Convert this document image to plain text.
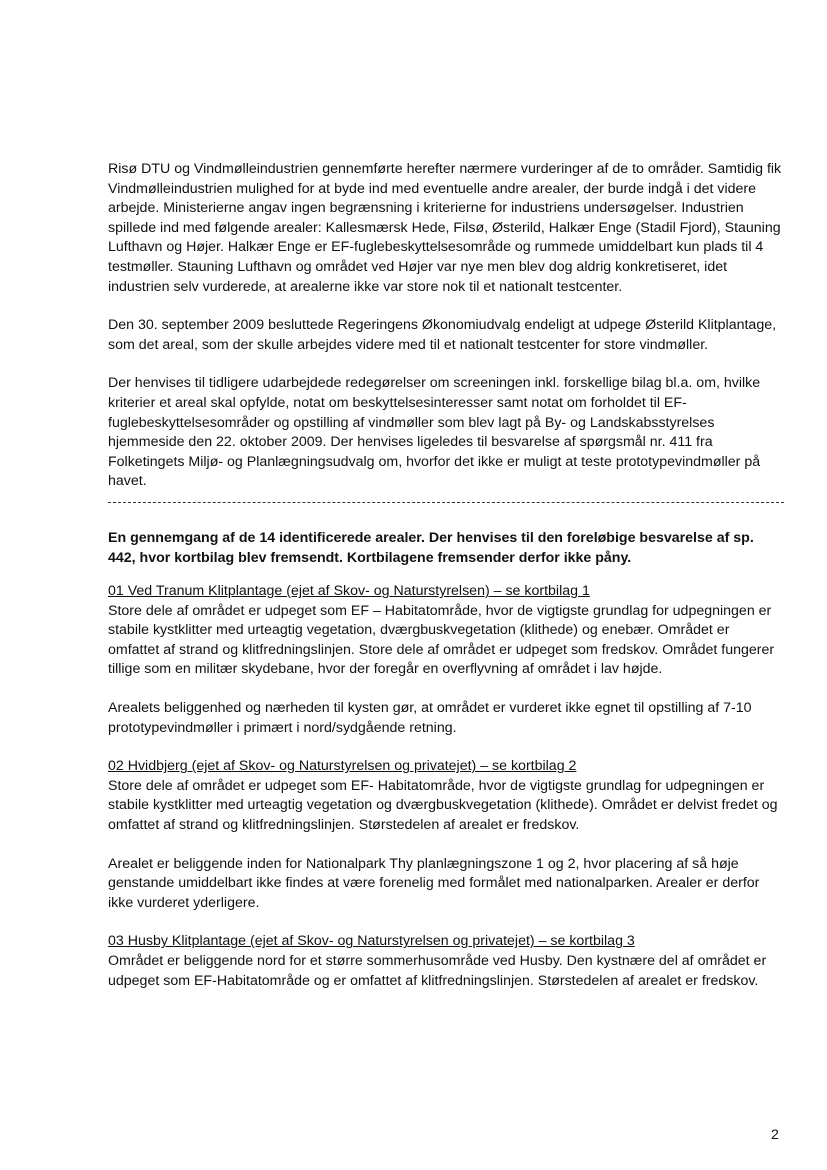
Risø DTU og Vindmølleindustrien gennemførte herefter nærmere vurderinger af de to områder. Samtidig fik Vindmølleindustrien mulighed for at byde ind med eventuelle andre arealer, der burde indgå i det videre arbejde. Ministerierne angav ingen begrænsning i kriterierne for industriens undersøgelser. Industrien spillede ind med følgende arealer: Kallesmærsk Hede, Filsø, Østerild, Halkær Enge (Stadil Fjord), Stauning Lufthavn og Højer. Halkær Enge er EF-fuglebeskyttelsesområde og rummede umiddelbart kun plads til 4 testmøller. Stauning Lufthavn og området ved Højer var nye men blev dog aldrig konkretiseret, idet industrien selv vurderede, at arealerne ikke var store nok til et nationalt testcenter.

Den 30. september 2009 besluttede Regeringens Økonomiudvalg endeligt at udpege Østerild Klitplantage, som det areal, som der skulle arbejdes videre med til et nationalt testcenter for store vindmøller.

Der henvises til tidligere udarbejdede redegørelser om screeningen inkl. forskellige bilag bl.a. om, hvilke kriterier et areal skal opfylde, notat om beskyttelsesinteresser samt notat om forholdet til EF-fuglebeskyttelsesområder og opstilling af vindmøller som blev lagt på By- og Landskabsstyrelses hjemmeside den 22. oktober 2009. Der henvises ligeledes til besvarelse af spørgsmål nr. 411 fra Folketingets Miljø- og Planlægningsudvalg om, hvorfor det ikke er muligt at teste prototypevindmøller på havet.

En gennemgang af de 14 identificerede arealer. Der henvises til den foreløbige besvarelse af sp. 442, hvor kortbilag blev fremsendt. Kortbilagene fremsender derfor ikke påny.

01 Ved Tranum Klitplantage (ejet af Skov- og Naturstyrelsen) – se kortbilag 1

Store dele af området er udpeget som EF – Habitatområde, hvor de vigtigste grundlag for udpegningen er stabile kystklitter med urteagtig vegetation, dværgbuskvegetation (klithede) og enebær. Området er omfattet af strand og klitfredningslinjen. Store dele af området er udpeget som fredskov. Området fungerer tillige som en militær skydebane, hvor der foregår en overflyvning af området i lav højde.

Arealets beliggenhed og nærheden til kysten gør, at området er vurderet ikke egnet til opstilling af 7-10 prototypevindmøller i primært i nord/sydgående retning.

02 Hvidbjerg (ejet af Skov- og Naturstyrelsen og privatejet) – se kortbilag 2

Store dele af området er udpeget som EF- Habitatområde, hvor de vigtigste grundlag for udpegningen er stabile kystklitter med urteagtig vegetation og dværgbuskvegetation (klithede). Området er delvist fredet og omfattet af strand og klitfredningslinjen. Størstedelen af arealet er fredskov.

Arealet er beliggende inden for Nationalpark Thy planlægningszone 1 og 2, hvor placering af så høje genstande umiddelbart ikke findes at være forenelig med formålet med nationalparken. Arealer er derfor ikke vurderet yderligere.

03 Husby Klitplantage (ejet af Skov- og Naturstyrelsen og privatejet) – se kortbilag 3

Området er beliggende nord for et større sommerhusområde ved Husby. Den kystnære del af området er udpeget som EF-Habitatområde og er omfattet af klitfredningslinjen. Størstedelen af arealet er fredskov.

2
